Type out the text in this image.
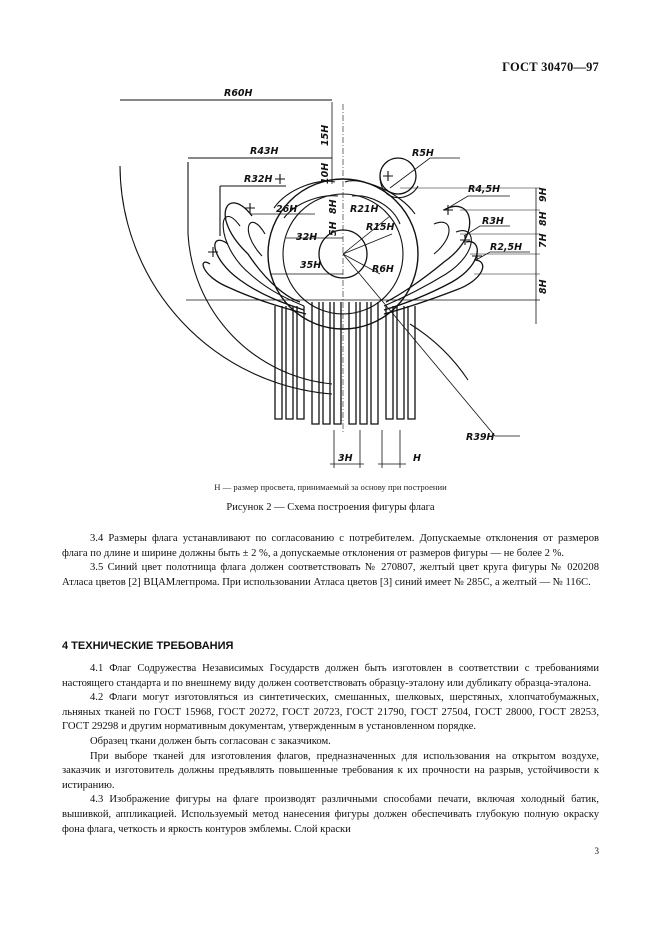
ГОСТ 30470—97
R60H
R43H
R32H
R5H
R21H
R15H
R6H
R4,5H
R3H
R2,5H
R39H
15H
10H
8H
5H
26H
32H
35H
9H
8H
7H
8H
3H	H
H — размер просвета, принимаемый за основу при построении
Рисунок 2 — Схема построения фигуры флага

3.4 Размеры флага устанавливают по согласованию с потребителем. Допускаемые отклонения от размеров флага по длине и ширине должны быть ± 2 %, а допускаемые отклонения от размеров фигуры — не более 2 %.

3.5 Синий цвет полотнища флага должен соответствовать № 270807, желтый цвет круга фигуры № 020208 Атласа цветов [2] ВЦАМлегпрома. При использовании Атласа цветов [3] синий имеет № 285С, а желтый — № 116С.

4 ТЕХНИЧЕСКИЕ ТРЕБОВАНИЯ

4.1 Флаг Содружества Независимых Государств должен быть изготовлен в соответствии с требованиями настоящего стандарта и по внешнему виду должен соответствовать образцу-эталону или дубликату образца-эталона.

4.2 Флаги могут изготовляться из синтетических, смешанных, шелковых, шерстяных, хлопчатобумажных, льняных тканей по ГОСТ 15968, ГОСТ 20272, ГОСТ 20723, ГОСТ 21790, ГОСТ 27504, ГОСТ 28000, ГОСТ 28253, ГОСТ 29298 и другим нормативным документам, утвержденным в установленном порядке.

Образец ткани должен быть согласован с заказчиком.

При выборе тканей для изготовления флагов, предназначенных для использования на открытом воздухе, заказчик и изготовитель должны предъявлять повышенные требования к их прочности на разрыв, устойчивости к истиранию.

4.3 Изображение фигуры на флаге производят различными способами печати, включая холодный батик, вышивкой, аппликацией. Используемый метод нанесения фигуры должен обеспечивать глубокую полную окраску фона флага, четкость и яркость контуров эмблемы. Слой краски

3
